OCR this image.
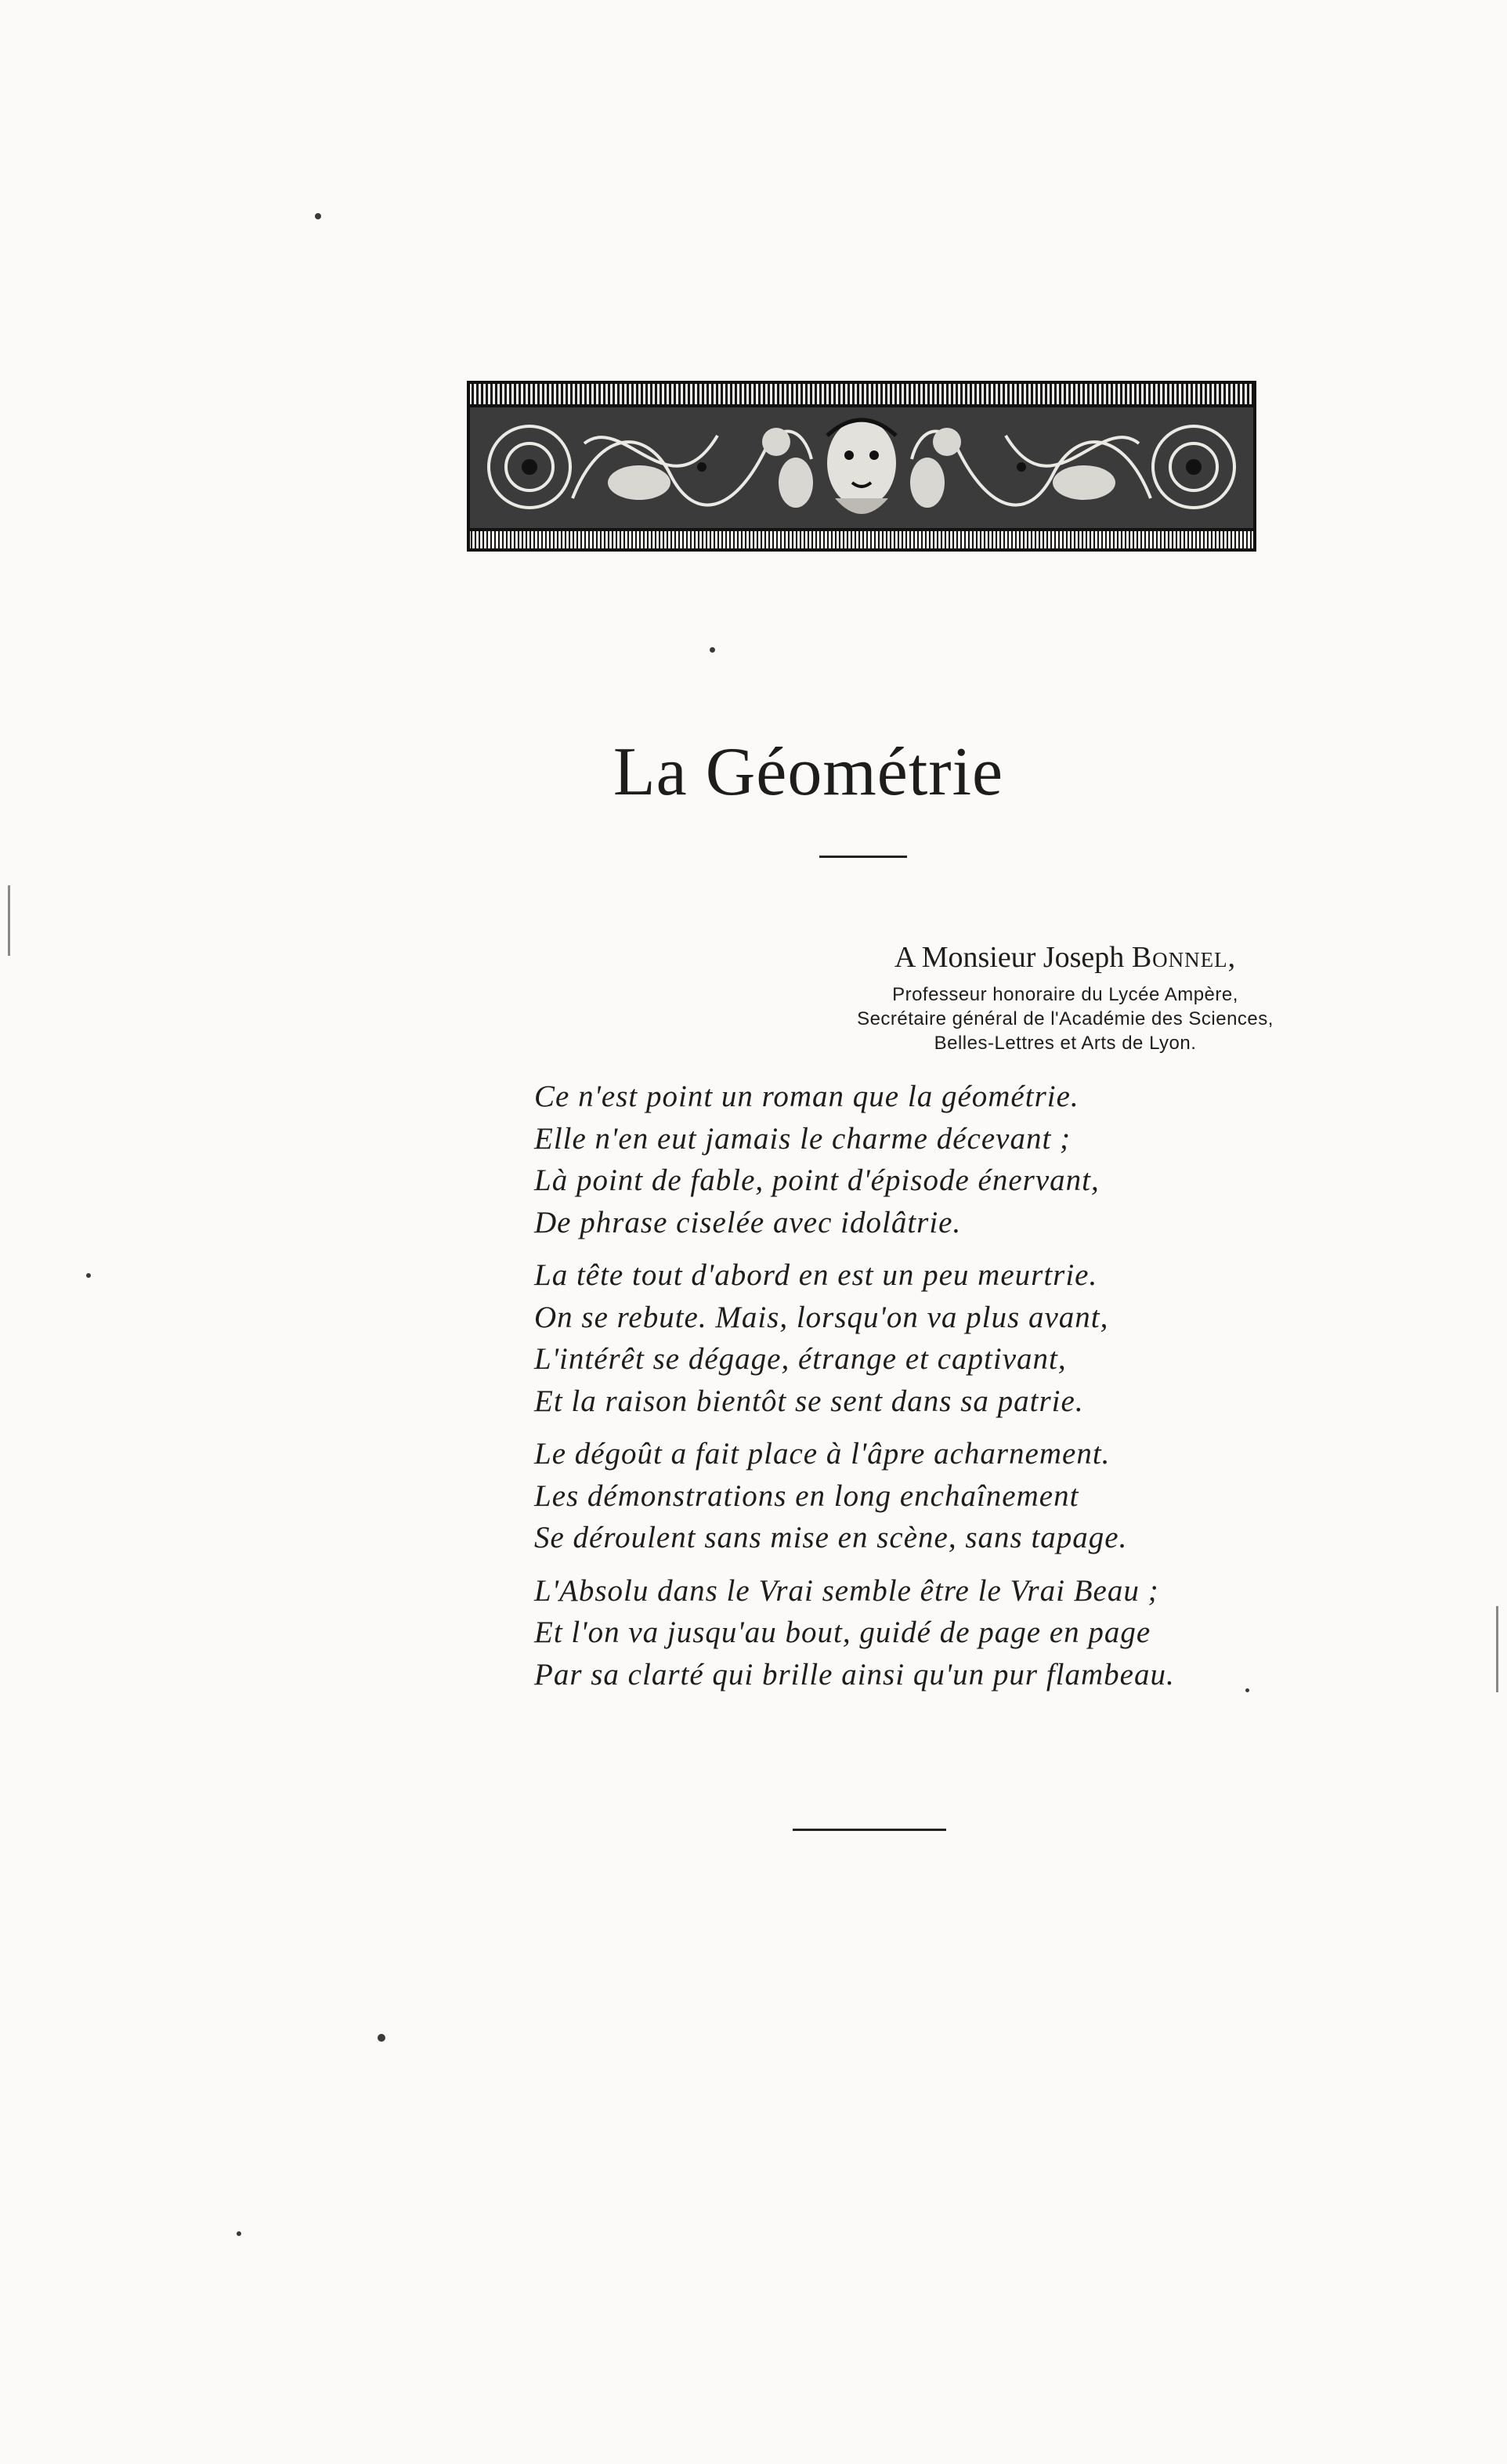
La Géométrie
A Monsieur Joseph Bonnel,
Professeur honoraire du Lycée Ampère,
Secrétaire général de l'Académie des Sciences,
Belles-Lettres et Arts de Lyon.
Ce n'est point un roman que la géométrie.
Elle n'en eut jamais le charme décevant ;
Là point de fable, point d'épisode énervant,
De phrase ciselée avec idolâtrie.
La tête tout d'abord en est un peu meurtrie.
On se rebute. Mais, lorsqu'on va plus avant,
L'intérêt se dégage, étrange et captivant,
Et la raison bientôt se sent dans sa patrie.
Le dégoût a fait place à l'âpre acharnement.
Les démonstrations en long enchaînement
Se déroulent sans mise en scène, sans tapage.
L'Absolu dans le Vrai semble être le Vrai Beau ;
Et l'on va jusqu'au bout, guidé de page en page
Par sa clarté qui brille ainsi qu'un pur flambeau.
